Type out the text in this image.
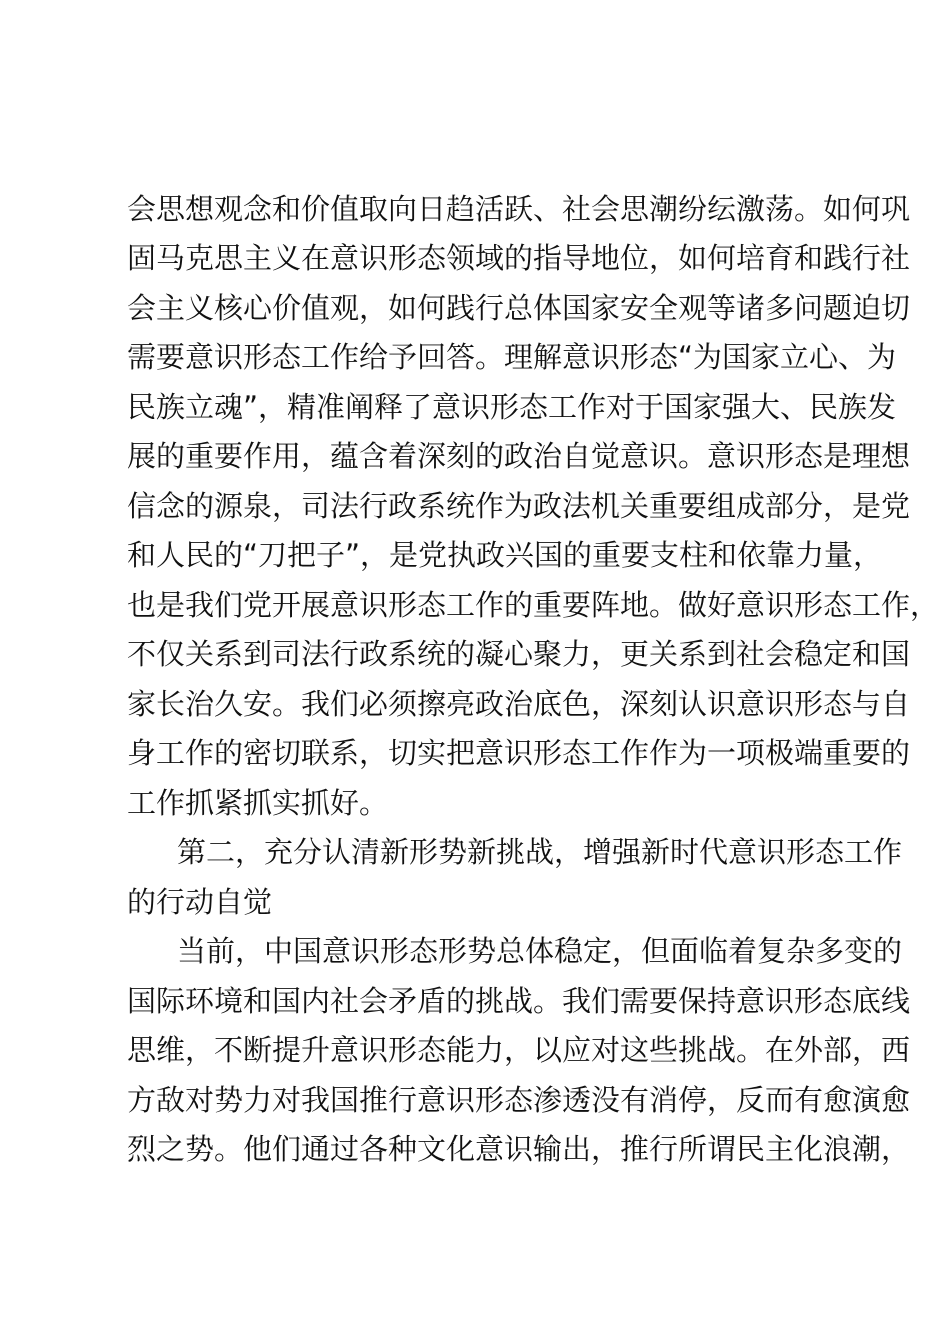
会思想观念和价值取向日趋活跃、社会思潮纷纭激荡。如何巩
固马克思主义在意识形态领域的指导地位，如何培育和践行社
会主义核心价值观，如何践行总体国家安全观等诸多问题迫切
需要意识形态工作给予回答。理解意识形态“为国家立心、为
民族立魂”，精准阐释了意识形态工作对于国家强大、民族发
展的重要作用，蕴含着深刻的政治自觉意识。意识形态是理想
信念的源泉，司法行政系统作为政法机关重要组成部分，是党
和人民的“刀把子”，是党执政兴国的重要支柱和依靠力量，
也是我们党开展意识形态工作的重要阵地。做好意识形态工作，
不仅关系到司法行政系统的凝心聚力，更关系到社会稳定和国
家长治久安。我们必须擦亮政治底色，深刻认识意识形态与自
身工作的密切联系，切实把意识形态工作作为一项极端重要的
工作抓紧抓实抓好。
第二，充分认清新形势新挑战，增强新时代意识形态工作
的行动自觉
当前，中国意识形态形势总体稳定，但面临着复杂多变的
国际环境和国内社会矛盾的挑战。我们需要保持意识形态底线
思维，不断提升意识形态能力，以应对这些挑战。在外部，西
方敌对势力对我国推行意识形态渗透没有消停，反而有愈演愈
烈之势。他们通过各种文化意识输出，推行所谓民主化浪潮，
